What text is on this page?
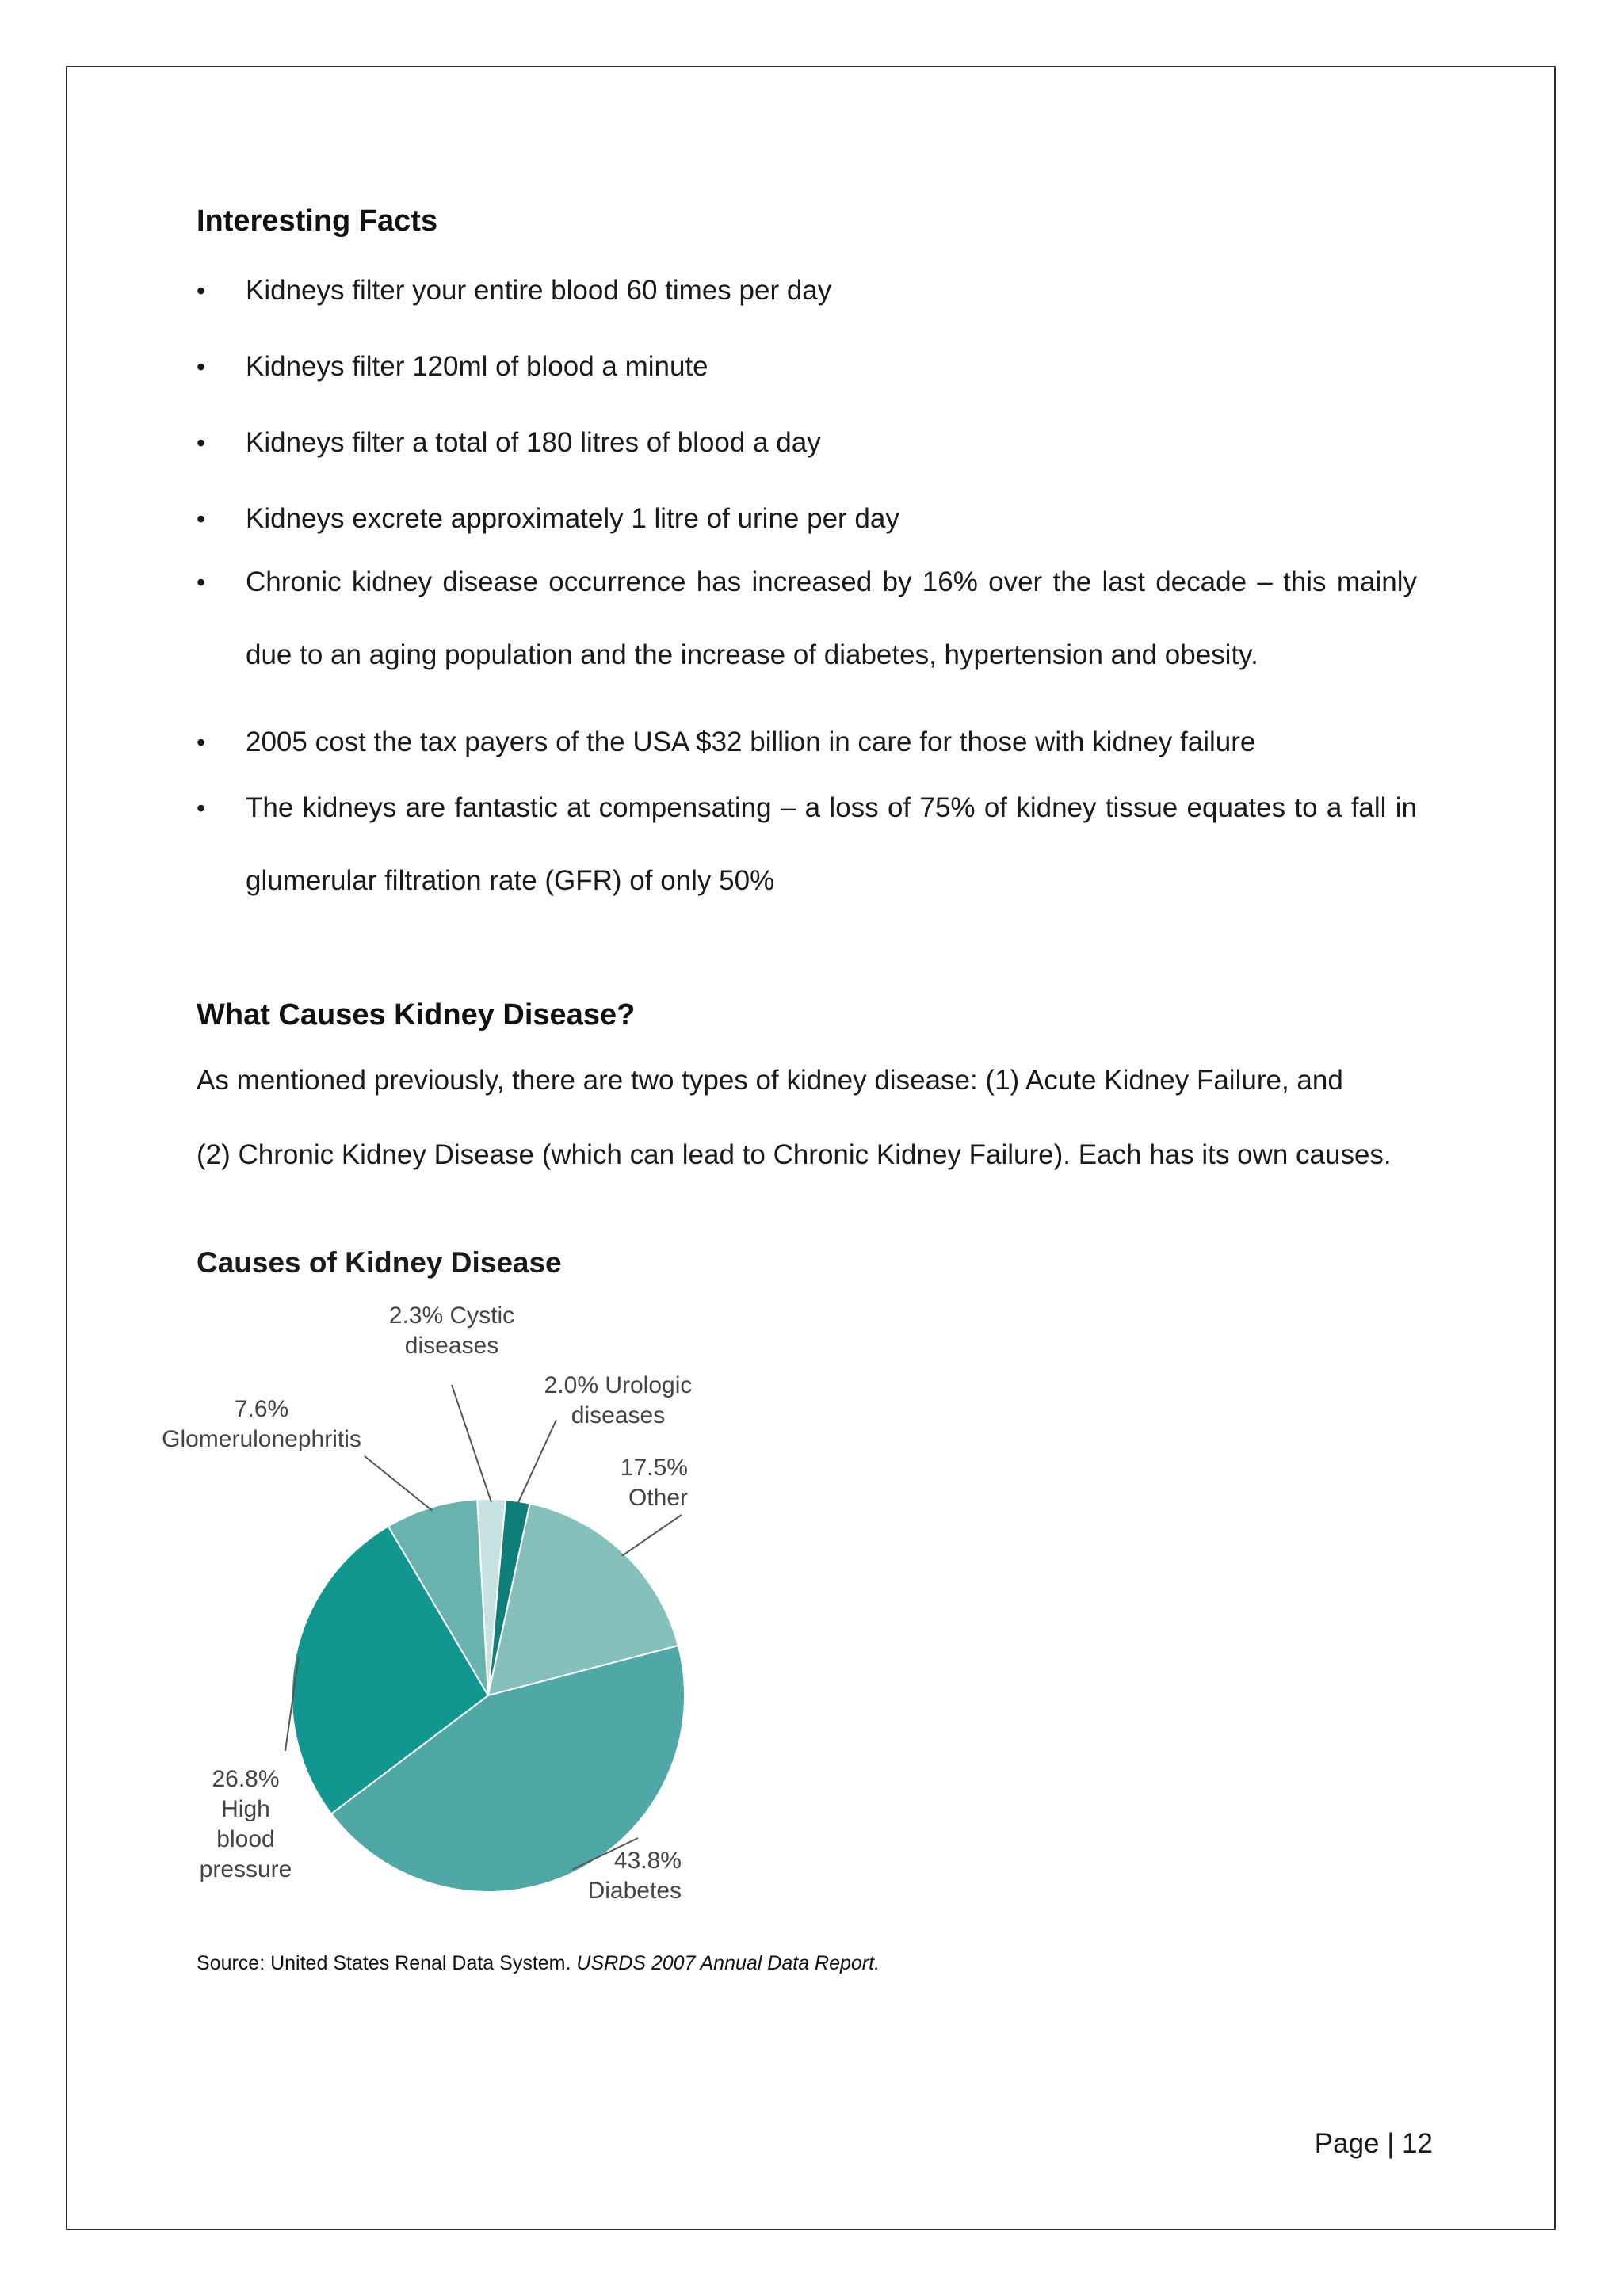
Interesting Facts
•	Kidneys filter your entire blood 60 times per day
•	Kidneys filter 120ml of blood a minute
•	Kidneys filter a total of 180 litres of blood a day
•	Kidneys excrete approximately 1 litre of urine per day
•	Chronic kidney disease occurrence has increased by 16% over the last decade – this mainly due to an aging population and the increase of diabetes, hypertension and obesity.
•	2005 cost the tax payers of the USA $32 billion in care for those with kidney failure
•	The kidneys are fantastic at compensating – a loss of 75% of kidney tissue equates to a fall in glumerular filtration rate (GFR) of only 50%
What Causes Kidney Disease?
As mentioned previously, there are two types of kidney disease: (1) Acute Kidney Failure, and
(2) Chronic Kidney Disease (which can lead to Chronic Kidney Failure). Each has its own causes.
Causes of Kidney Disease
2.3% Cystic diseases
2.0% Urologic diseases
17.5% Other
43.8% Diabetes
26.8% High blood pressure
7.6% Glomerulonephritis
Source: United States Renal Data System. USRDS 2007 Annual Data Report.
Page | 12
